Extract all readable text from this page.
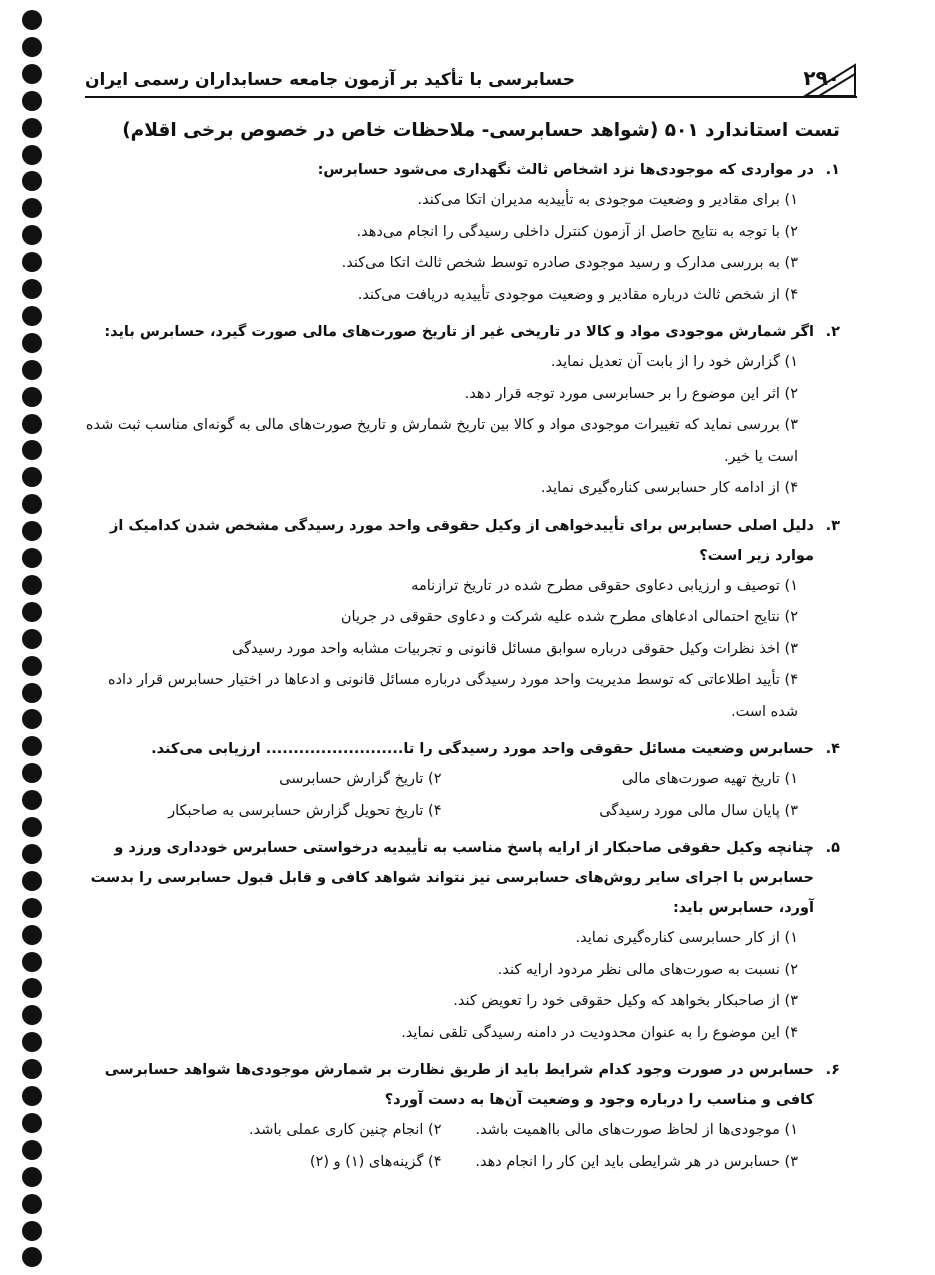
۲۹۰
حسابرسی با تأکید بر آزمون جامعه حسابداران رسمی ایران
تست استاندارد ۵۰۱ (شواهد حسابرسی- ملاحظات خاص در خصوص برخی اقلام)
۱.
در مواردی که موجودی‌ها نزد اشخاص ثالث نگهداری می‌شود حسابرس:
۱) برای مقادیر و وضعیت موجودی به تأییدیه مدیران اتکا می‌کند.
۲) با توجه به نتایج حاصل از آزمون کنترل داخلی رسیدگی را انجام می‌دهد.
۳) به بررسی مدارک و رسید موجودی صادره توسط شخص ثالث اتکا می‌کند.
۴) از شخص ثالث درباره مقادیر و وضعیت موجودی تأییدیه دریافت می‌کند.
۲.
اگر شمارش موجودی مواد و کالا در تاریخی غیر از تاریخ صورت‌های مالی صورت گیرد، حسابرس باید:
۱) گزارش خود را از بابت آن تعدیل نماید.
۲) اثر این موضوع را بر حسابرسی مورد توجه قرار دهد.
۳) بررسی نماید که تغییرات موجودی مواد و کالا بین تاریخ شمارش و تاریخ صورت‌های مالی به گونه‌ای مناسب ثبت شده است یا خیر.
۴) از ادامه کار حسابرسی کناره‌گیری نماید.
۳.
دلیل اصلی حسابرس برای تأییدخواهی از وکیل حقوقی واحد مورد رسیدگی مشخص شدن کدامیک از موارد زیر است؟
۱) توصیف و ارزیابی دعاوی حقوقی مطرح شده در تاریخ ترازنامه
۲) نتایج احتمالی ادعاهای مطرح شده علیه شرکت و دعاوی حقوقی در جریان
۳) اخذ نظرات وکیل حقوقی درباره سوابق مسائل قانونی و تجربیات مشابه واحد مورد رسیدگی
۴) تأیید اطلاعاتی که توسط مدیریت واحد مورد رسیدگی درباره مسائل قانونی و ادعاها در اختیار حسابرس قرار داده شده است.
۴.
حسابرس وضعیت مسائل حقوقی واحد مورد رسیدگی را تا......................... ارزیابی می‌کند.
۱) تاریخ تهیه صورت‌های مالی
۲) تاریخ گزارش حسابرسی
۳) پایان سال مالی مورد رسیدگی
۴) تاریخ تحویل گزارش حسابرسی به صاحبکار
۵.
چنانچه وکیل حقوقی صاحبکار از ارایه پاسخ مناسب به تأییدیه درخواستی حسابرس خودداری ورزد و حسابرس با اجرای سایر روش‌های حسابرسی نیز نتواند شواهد کافی و قابل قبول حسابرسی را بدست آورد، حسابرس باید:
۱) از کار حسابرسی کناره‌گیری نماید.
۲) نسبت به صورت‌های مالی نظر مردود ارایه کند.
۳) از صاحبکار بخواهد که وکیل حقوقی خود را تعویض کند.
۴) این موضوع را به عنوان محدودیت در دامنه رسیدگی تلقی نماید.
۶.
حسابرس در صورت وجود کدام شرایط باید از طریق نظارت بر شمارش موجودی‌ها شواهد حسابرسی کافی و مناسب را درباره وجود و وضعیت آن‌ها به دست آورد؟
۱) موجودی‌ها از لحاظ صورت‌های مالی بااهمیت باشد.
۲) انجام چنین کاری عملی باشد.
۳) حسابرس در هر شرایطی باید این کار را انجام دهد.
۴) گزینه‌های (۱) و (۲)
